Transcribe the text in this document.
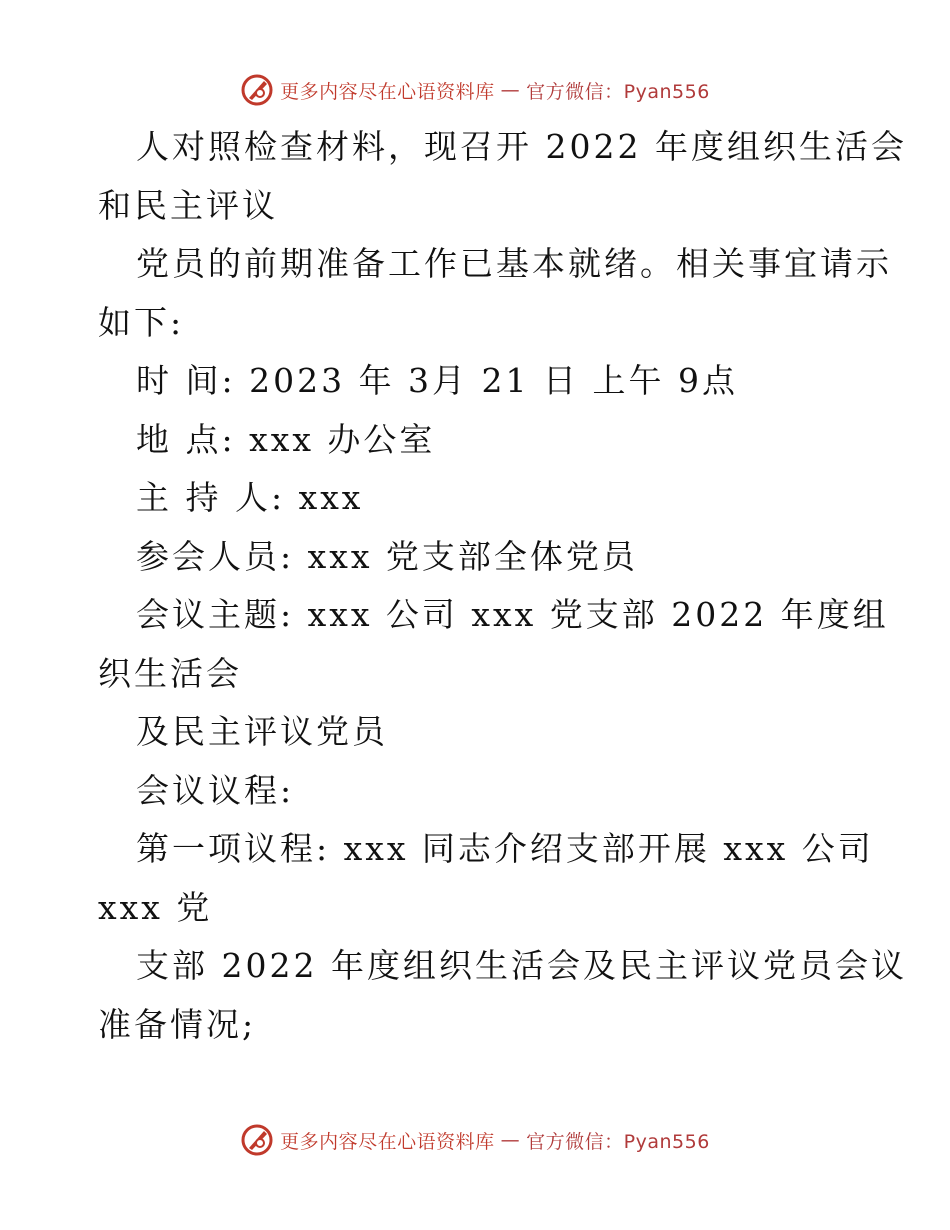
更多内容尽在心语资料库 — 官方微信：Pyan556
人对照检查材料，现召开 2022 年度组织生活会
和民主评议
党员的前期准备工作已基本就绪。相关事宜请示
如下:
时 间: 2023 年 3月 21 日 上午 9点
地 点: xxx 办公室
主 持 人: xxx
参会人员: xxx 党支部全体党员
会议主题: xxx 公司 xxx 党支部 2022 年度组
织生活会
及民主评议党员
会议议程:
第一项议程: xxx 同志介绍支部开展 xxx 公司
xxx 党
支部 2022 年度组织生活会及民主评议党员会议
准备情况;
更多内容尽在心语资料库 — 官方微信：Pyan556
